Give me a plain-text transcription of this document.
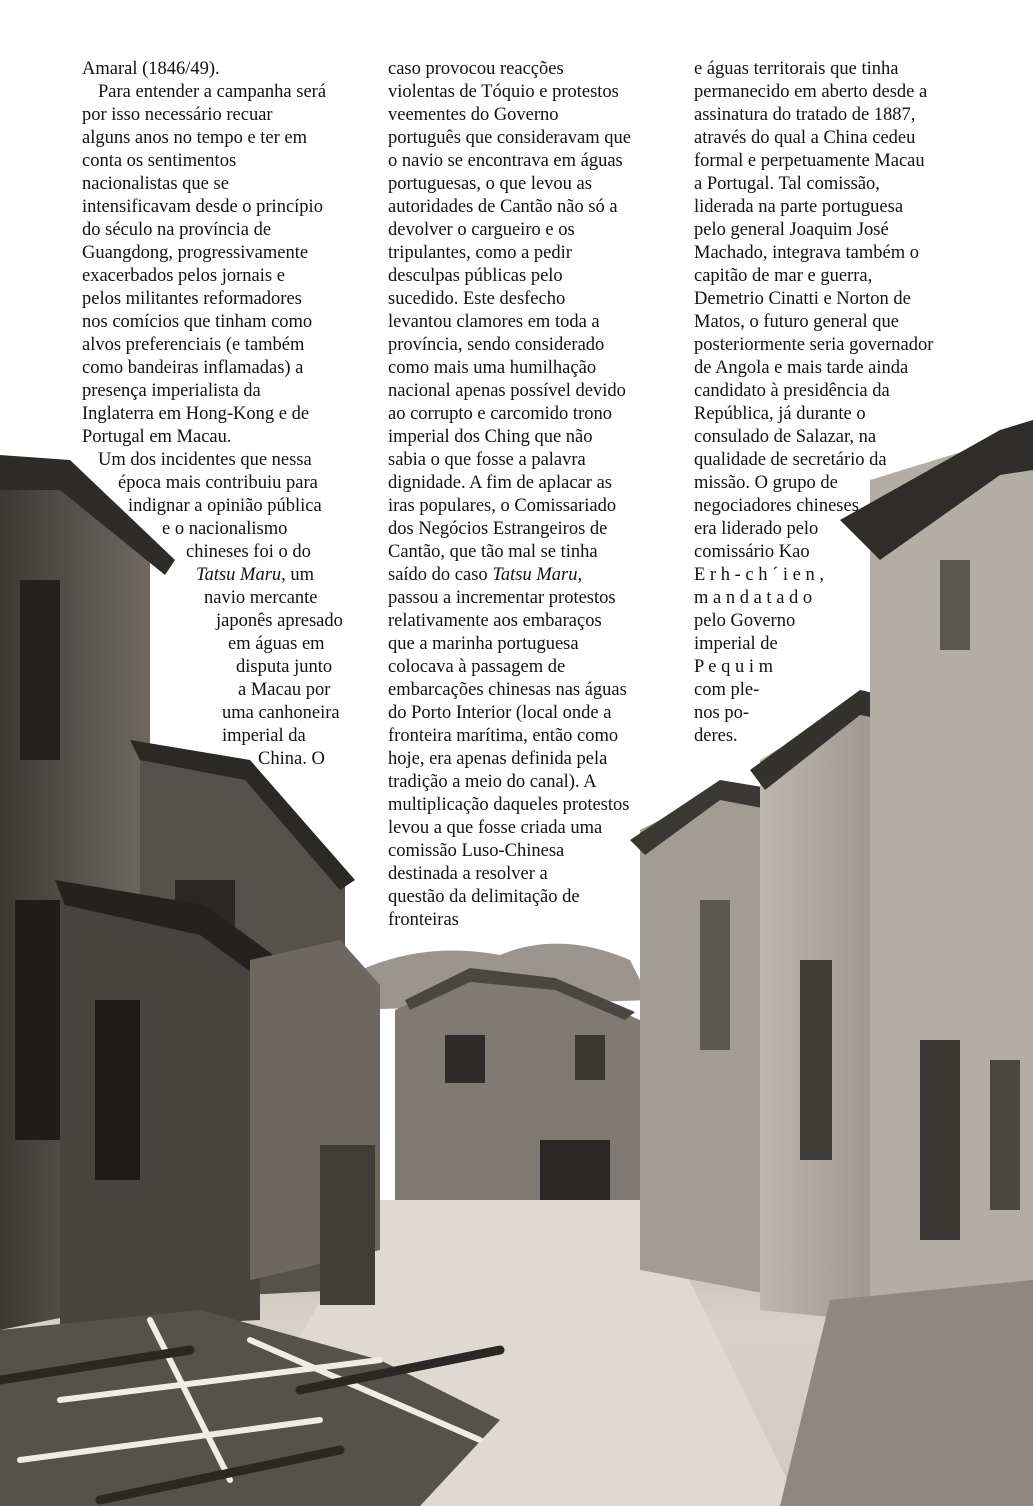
Amaral (1846/49).
Para entender a campanha será
por isso necessário recuar
alguns anos no tempo e ter em
conta os sentimentos
nacionalistas que se
intensificavam desde o princípio
do século na província de
Guangdong, progressivamente
exacerbados pelos jornais e
pelos militantes reformadores
nos comícios que tinham como
alvos preferenciais (e também
como bandeiras inflamadas) a
presença imperialista da
Inglaterra em Hong-Kong e de
Portugal em Macau.
Um dos incidentes que nessa
época mais contribuiu para
indignar a opinião pública
e o nacionalismo
chineses foi o do
Tatsu Maru, um
navio mercante
japonês apresado
em águas em
disputa junto
a Macau por
uma canhoneira
imperial da
China. O
caso provocou reacções
violentas de Tóquio e protestos
veementes do Governo
português que consideravam que
o navio se encontrava em águas
portuguesas, o que levou as
autoridades de Cantão não só a
devolver o cargueiro e os
tripulantes, como a pedir
desculpas públicas pelo
sucedido. Este desfecho
levantou clamores em toda a
província, sendo considerado
como mais uma humilhação
nacional apenas possível devido
ao corrupto e carcomido trono
imperial dos Ching que não
sabia o que fosse a palavra
dignidade. A fim de aplacar as
iras populares, o Comissariado
dos Negócios Estrangeiros de
Cantão, que tão mal se tinha
saído do caso Tatsu Maru,
passou a incrementar protestos
relativamente aos embaraços
que a marinha portuguesa
colocava à passagem de
embarcações chinesas nas águas
do Porto Interior (local onde a
fronteira marítima, então como
hoje, era apenas definida pela
tradição a meio do canal). A
multiplicação daqueles protestos
levou a que fosse criada uma
comissão Luso-Chinesa
destinada a resolver a
questão da delimitação de
fronteiras
e águas territorais que tinha
permanecido em aberto desde a
assinatura do tratado de 1887,
através do qual a China cedeu
formal e perpetuamente Macau
a Portugal. Tal comissão,
liderada na parte portuguesa
pelo general Joaquim José
Machado, integrava também o
capitão de mar e guerra,
Demetrio Cinatti e Norton de
Matos, o futuro general que
posteriormente seria governador
de Angola e mais tarde ainda
candidato à presidência da
República, já durante o
consulado de Salazar, na
qualidade de secretário da
missão. O grupo de
negociadores chineses
era liderado pelo
comissário Kao
E r h - c h ´ i e n ,
m a n d a t a d o
pelo Governo
imperial de
P e q u i m
com ple-
nos po-
deres.
